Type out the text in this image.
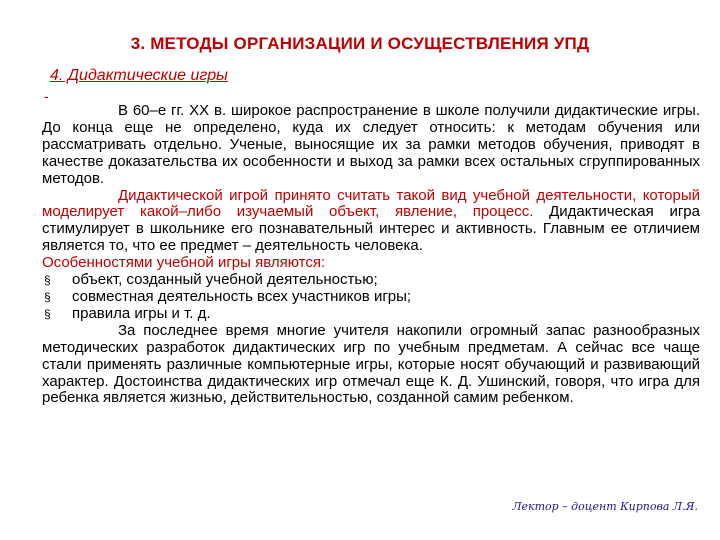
3. МЕТОДЫ ОРГАНИЗАЦИИ И ОСУЩЕСТВЛЕНИЯ УПД
4. Дидактические игры
-

В 60–е гг. XX в. широкое распространение в школе получили дидактические игры. До конца еще не определено, куда их следует относить: к методам обучения или рассматривать отдельно. Ученые, выносящие их за рамки методов обучения, приводят в качестве доказательства их особенности и выход за рамки всех остальных сгруппированных методов.

Дидактической игрой принято считать такой вид учебной деятельности, который моделирует какой–либо изучаемый объект, явление, процесс. Дидактическая игра стимулирует в школьнике его познавательный интерес и активность. Главным ее отличием является то, что ее предмет – деятельность человека.

Особенностями учебной игры являются:

§ объект, созданный учебной деятельностью;
§ совместная деятельность всех участников игры;
§ правила игры и т. д.

За последнее время многие учителя накопили огромный запас разнообразных методических разработок дидактических игр по учебным предметам. А сейчас все чаще стали применять различные компьютерные игры, которые носят обучающий и развивающий характер. Достоинства дидактических игр отмечал еще К. Д. Ушинский, говоря, что игра для ребенка является жизнью, действительностью, созданной самим ребенком.

Лектор – доцент Кирпова Л.Я.
